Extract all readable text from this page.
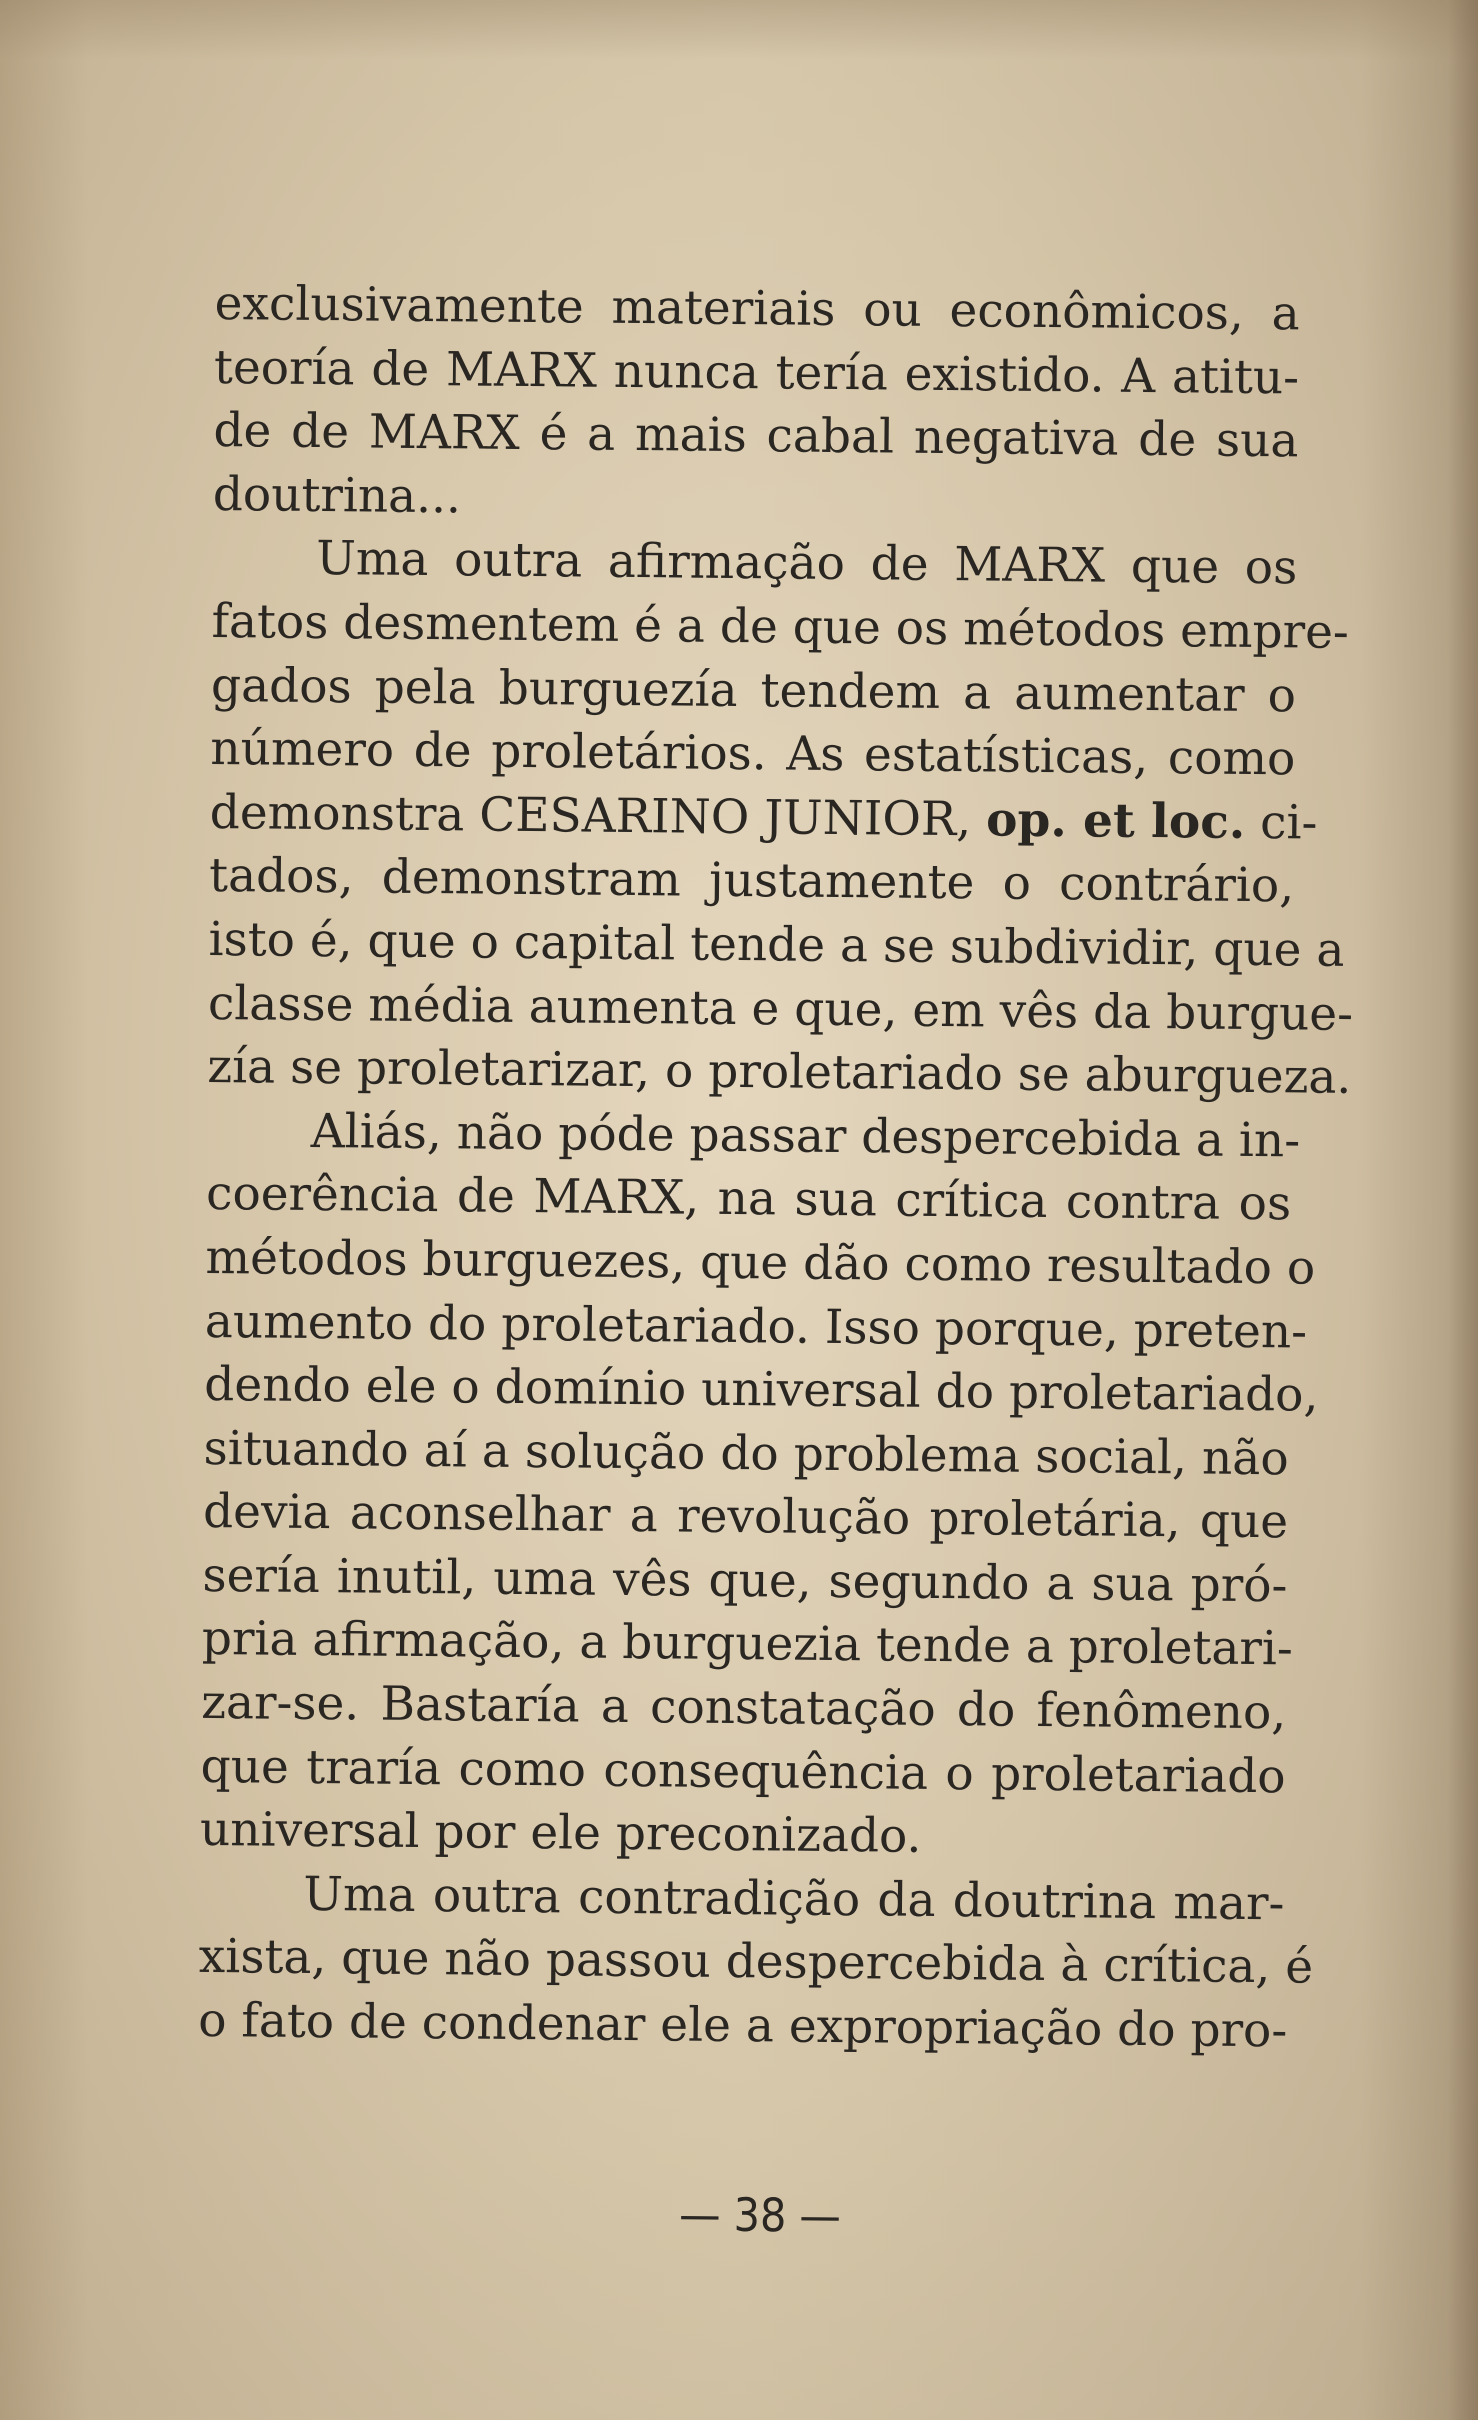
exclusivamente materiais ou econômicos, a
teoría de MARX nunca tería existido. A atitu-
de de MARX é a mais cabal negativa de sua
doutrina...

Uma outra afirmação de MARX que os
fatos desmentem é a de que os métodos empre-
gados pela burguezía tendem a aumentar o
número de proletários. As estatísticas, como
demonstra CESARINO JUNIOR, op. et loc. ci-
tados, demonstram justamente o contrário,
isto é, que o capital tende a se subdividir, que a
classe média aumenta e que, em vês da burgue-
zía se proletarizar, o proletariado se aburgueza.

Aliás, não póde passar despercebida a in-
coerência de MARX, na sua crítica contra os
métodos burguezes, que dão como resultado o
aumento do proletariado. Isso porque, preten-
dendo ele o domínio universal do proletariado,
situando aí a solução do problema social, não
devia aconselhar a revolução proletária, que
sería inutil, uma vês que, segundo a sua pró-
pria afirmação, a burguezia tende a proletari-
zar-se. Bastaría a constatação do fenômeno,
que traría como consequência o proletariado
universal por ele preconizado.

Uma outra contradição da doutrina mar-
xista, que não passou despercebida à crítica, é
o fato de condenar ele a expropriação do pro-

— 38 —
